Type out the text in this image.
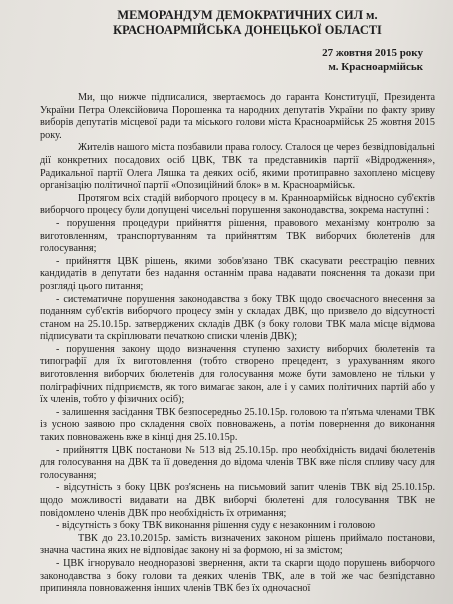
МЕМОРАНДУМ ДЕМОКРАТИЧНИХ СИЛ м. КРАСНОАРМІЙСЬКА ДОНЕЦЬКОЇ ОБЛАСТІ
27 жовтня 2015 року
м. Красноармійськ

Ми, що нижче підписалися, звертаємось до гаранта Конституції, Президента України Петра Олексійовича Порошенка та народних депутатів України по факту зриву виборів депутатів місцевої ради та міського голови міста Красноармійськ 25 жовтня 2015 року.

Жителів нашого міста позбавили права голосу. Сталося це через безвідповідальні дії конкретних посадових осіб ЦВК, ТВК та представників партії «Відродження», Радикальної партії Олега Ляшка та деяких осіб, якими протиправно захоплено місцеву організацію політичної партії «Опозиційний блок» в м. Красноармійськ.

Протягом всіх стадій виборчого процесу в м. Кранноармійськ відносно суб'єктів виборчого процесу були допущені чисельні порушення законодавства, зокрема наступні :

- порушення процедури прийняття рішення, правового механізму контролю за виготовленням, транспортуванням та прийняттям ТВК виборчих бюлетенів для голосування;

- прийняття ЦВК рішень, якими зобов'язано ТВК скасувати реєстрацію певних кандидатів в депутати без надання останнім права надавати пояснення та докази при розгляді цього питання;

- систематичне порушення законодавства з боку ТВК щодо своєчасного внесення за поданням суб'єктів виборчого процесу змін у складах ДВК, що призвело до відсутності станом на 25.10.15р. затверджених складів ДВК (з боку голови ТВК мала місце відмова підписувати та скріплювати печаткою списки членів ДВК);

- порушення закону щодо визначення ступеню захисту виборчих бюлетенів та типографії для їх виготовлення (тобто створено прецедент, з урахуванням якого виготовлення виборчих бюлетенів для голосування може бути замовлено не тільки у поліграфічних підприємств, як того вимагає закон, але і у самих політичних партій або у їх членів, тобто у фізичних осіб);

- залишення засідання ТВК безпосередньо 25.10.15р. головою та п'ятьма членами ТВК із усною заявою про складення своїх повноважень, а потім повернення до виконання таких повноважень вже в кінці дня 25.10.15р.

- прийняття ЦВК постанови № 513 від 25.10.15р. про необхідність видачі бюлетенів для голосування на ДВК та її доведення до відома членів ТВК вже після спливу часу для голосування;

- відсутність з боку ЦВК роз'яснень на письмовий запит членів ТВК від 25.10.15р. щодо можливості видавати на ДВК виборчі бюлетені для голосування ТВК не повідомлено членів ДВК про необхідність їх отримання;

- відсутність з боку ТВК виконання рішення суду є незаконним і головою

ТВК до 23.10.2015р. замість визначених законом рішень приймало постанови, значна частина яких не відповідає закону ні за формою, ні за змістом;

- ЦВК ігнорувало неодноразові звернення, акти та скарги щодо порушень виборчого законодавства з боку голови та деяких членів ТВК, але в той же час безпідставно припиняла повноваження інших членів ТВК без їх одночасної
